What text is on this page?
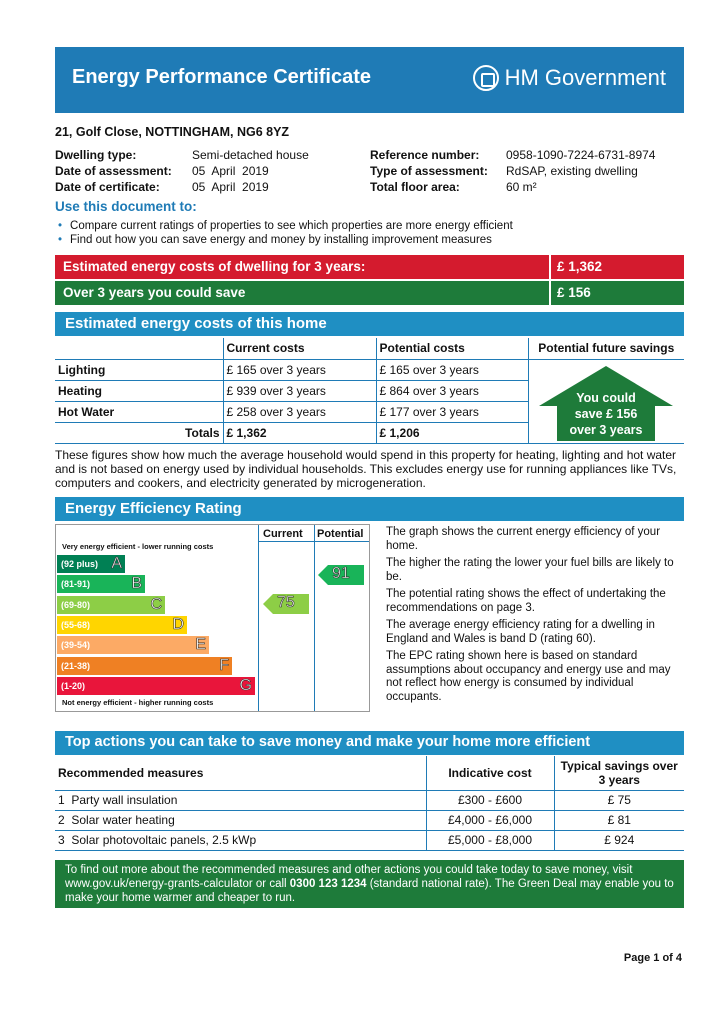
Energy Performance Certificate	HM Government
21, Golf Close, NOTTINGHAM, NG6 8YZ
Dwelling type:	Semi-detached house
Date of assessment:	05  April  2019
Date of certificate:	05  April  2019
Reference number:	0958-1090-7224-6731-8974
Type of assessment:	RdSAP, existing dwelling
Total floor area:	60 m²
Use this document to:
• Compare current ratings of properties to see which properties are more energy efficient
• Find out how you can save energy and money by installing improvement measures
Estimated energy costs of dwelling for 3 years:	£ 1,362
Over 3 years you could save	£ 156
Estimated energy costs of this home
	Current costs	Potential costs	Potential future savings
Lighting	£ 165 over 3 years	£ 165 over 3 years	
Heating	£ 939 over 3 years	£ 864 over 3 years	
Hot Water	£ 258 over 3 years	£ 177 over 3 years	
Totals	£ 1,362	£ 1,206	
You could
save £ 156
over 3 years
These figures show how much the average household would spend in this property for heating, lighting and hot water and is not based on energy used by individual households. This excludes energy use for running appliances like TVs, computers and cookers, and electricity generated by microgeneration.
Energy Efficiency Rating
Current Potential
Very energy efficient - lower running costs
(92 plus) A
(81-91)	B
(69-80)	C
(55-68)	D
(39-54)	E
(21-38)	F
(1-20)	G
Not energy efficient - higher running costs
75
91
The graph shows the current energy efficiency of your home.
The higher the rating the lower your fuel bills are likely to be.
The potential rating shows the effect of undertaking the recommendations on page 3.
The average energy efficiency rating for a dwelling in England and Wales is band D (rating 60).
The EPC rating shown here is based on standard assumptions about occupancy and energy use and may not reflect how energy is consumed by individual occupants.
Top actions you can take to save money and make your home more efficient
Recommended measures	Indicative cost	Typical savings over 3 years
1 Party wall insulation	£300 - £600	£ 75
2 Solar water heating	£4,000 - £6,000	£ 81
3 Solar photovoltaic panels, 2.5 kWp	£5,000 - £8,000	£ 924
To find out more about the recommended measures and other actions you could take today to save money, visit www.gov.uk/energy-grants-calculator or call 0300 123 1234 (standard national rate). The Green Deal may enable you to make your home warmer and cheaper to run.
Page 1 of 4
